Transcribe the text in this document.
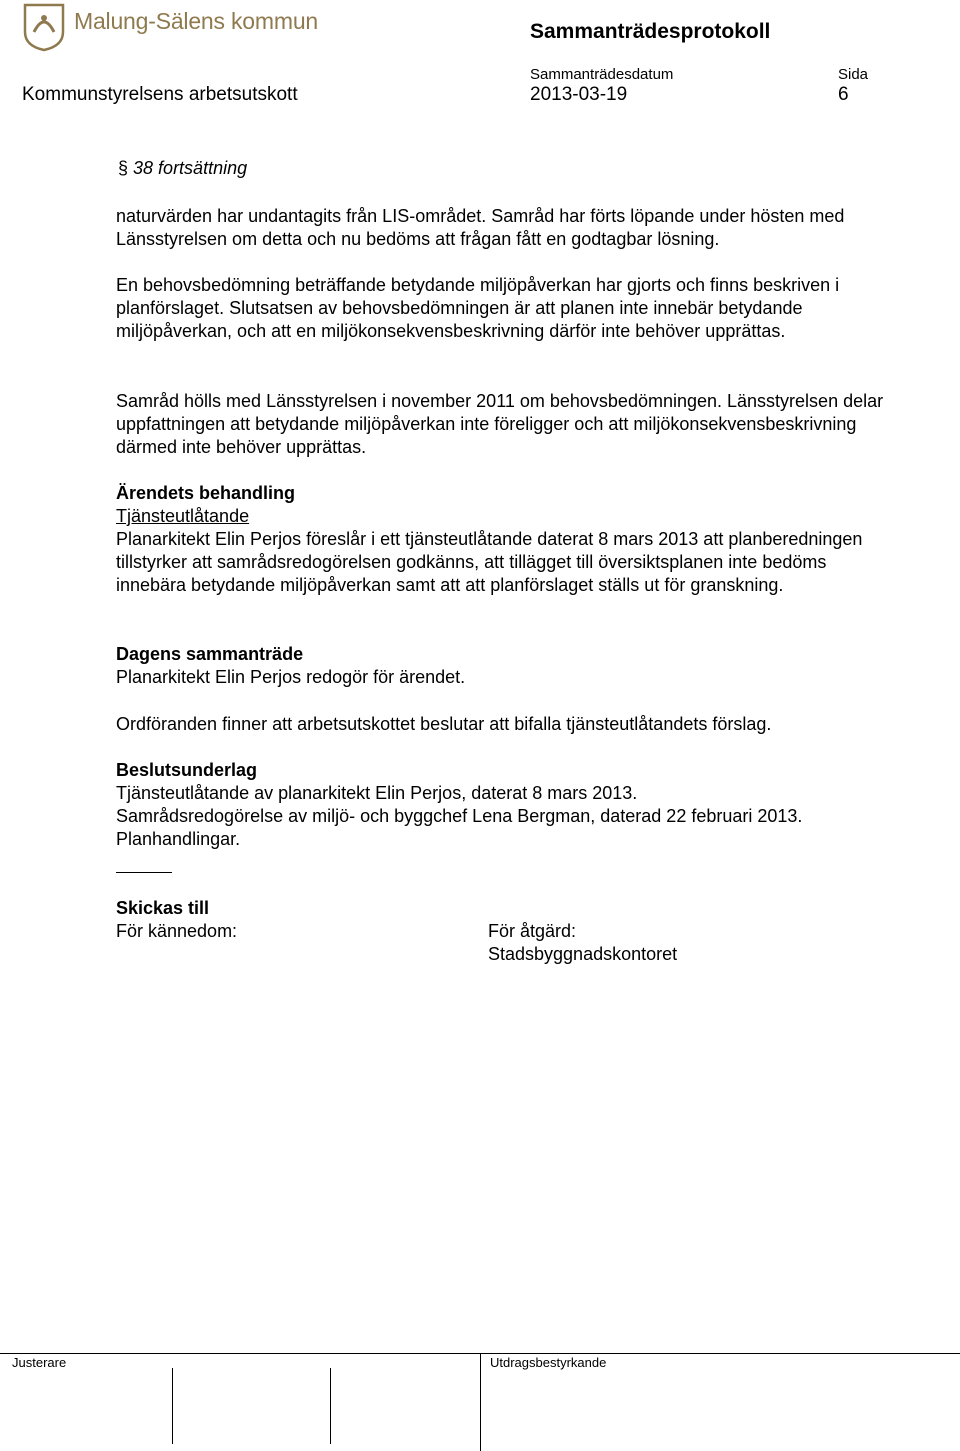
Malung-Sälens kommun	Sammanträdesprotokoll
Sammanträdesdatum	Sida
Kommunstyrelsens arbetsutskott	2013-03-19	6
§ 38 fortsättning

naturvärden har undantagits från LIS-området. Samråd har förts löpande under hösten med Länsstyrelsen om detta och nu bedöms att frågan fått en godtagbar lösning.

En behovsbedömning beträffande betydande miljöpåverkan har gjorts och finns beskriven i planförslaget. Slutsatsen av behovsbedömningen är att planen inte innebär betydande miljöpåverkan, och att en miljökonsekvensbeskrivning därför inte behöver upprättas.

Samråd hölls med Länsstyrelsen i november 2011 om behovsbedömningen. Länsstyrelsen delar uppfattningen att betydande miljöpåverkan inte föreligger och att miljökonsekvensbeskrivning därmed inte behöver upprättas.

Ärendets behandling

Tjänsteutlåtande

Planarkitekt Elin Perjos föreslår i ett tjänsteutlåtande daterat 8 mars 2013 att planberedningen tillstyrker att samrådsredogörelsen godkänns, att tillägget till översiktsplanen inte bedöms innebära betydande miljöpåverkan samt att att planförslaget ställs ut för granskning.

Dagens sammanträde

Planarkitekt Elin Perjos redogör för ärendet.

Ordföranden finner att arbetsutskottet beslutar att bifalla tjänsteutlåtandets förslag.

Beslutsunderlag

Tjänsteutlåtande av planarkitekt Elin Perjos, daterat 8 mars 2013.

Samrådsredogörelse av miljö- och byggchef Lena Bergman, daterad 22 februari 2013.

Planhandlingar.

Skickas till

För kännedom:	För åtgärd:

Stadsbyggnadskontoret

Justerare	Utdragsbestyrkande
